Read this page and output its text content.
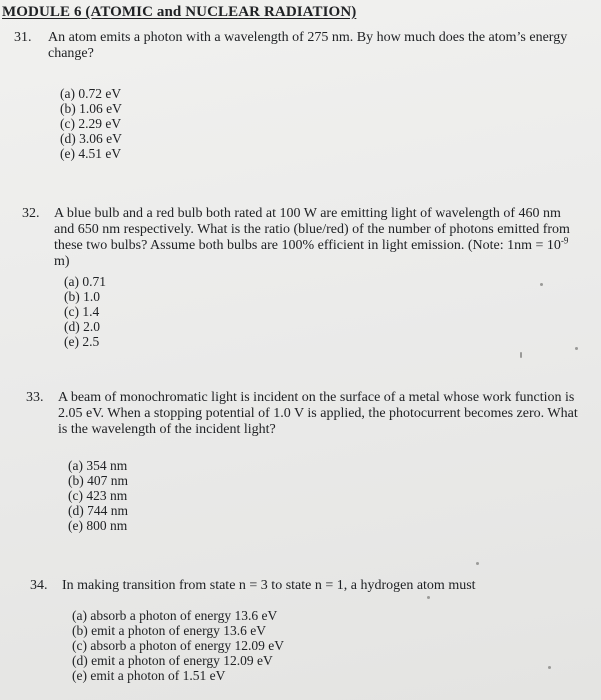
MODULE 6 (ATOMIC and NUCLEAR RADIATION)
31. An atom emits a photon with a wavelength of 275 nm. By how much does the atom’s energy change?
(a) 0.72 eV
(b) 1.06 eV
(c) 2.29 eV
(d) 3.06 eV
(e) 4.51 eV
32. A blue bulb and a red bulb both rated at 100 W are emitting light of wavelength of 460 nm and 650 nm respectively. What is the ratio (blue/red) of the number of photons emitted from these two bulbs? Assume both bulbs are 100% efficient in light emission. (Note: $1nm = 10^{-9}$ m)
(a) 0.71
(b) 1.0
(c) 1.4
(d) 2.0
(e) 2.5
33. A beam of monochromatic light is incident on the surface of a metal whose work function is 2.05 eV. When a stopping potential of 1.0 V is applied, the photocurrent becomes zero. What is the wavelength of the incident light?
(a) 354 nm
(b) 407 nm
(c) 423 nm
(d) 744 nm
(e) 800 nm
34. In making transition from state n = 3 to state n = 1, a hydrogen atom must
(a) absorb a photon of energy 13.6 eV
(b) emit a photon of energy 13.6 eV
(c) absorb a photon of energy 12.09 eV
(d) emit a photon of energy 12.09 eV
(e) emit a photon of 1.51 eV
